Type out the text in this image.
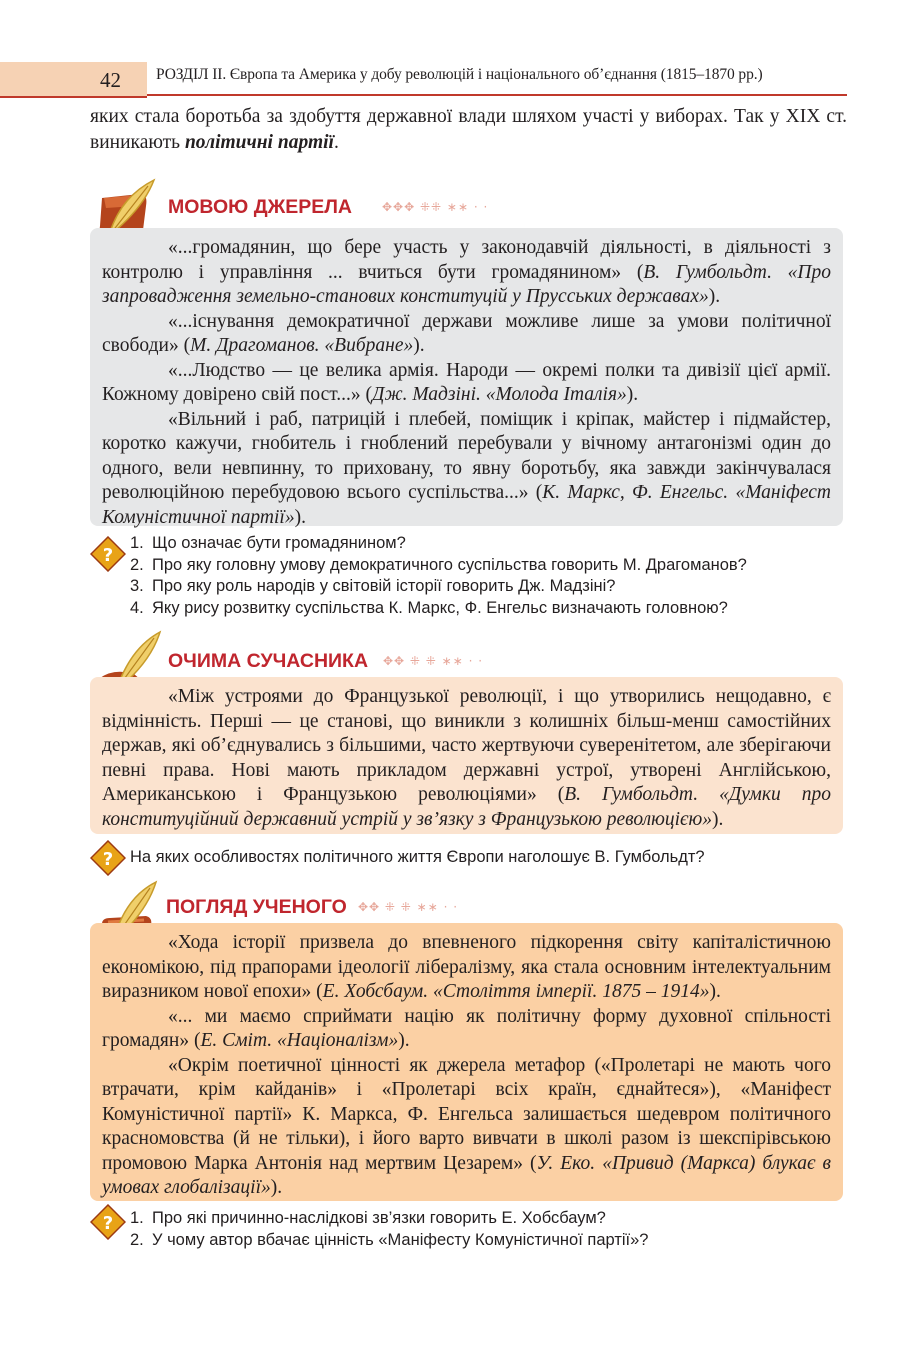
42 РОЗДІЛ ІІ. Європа та Америка у добу революцій і національного об’єднання (1815–1870 рр.)
яких стала боротьба за здобуття державної влади шляхом участі у виборах. Так у XIX ст. виникають політичні партії.
МОВОЮ ДЖЕРЕЛА ✥✥✥ ⁜⁜ ∗∗ · ·

«...громадянин, що бере участь у законодавчій діяльності, в діяльності з контролю і управління ... вчиться бути громадянином» (В. Гумбольдт. «Про запровадження земельно-станових конституцій у Прусських державах»).

«...існування демократичної держави можливе лише за умови політичної свободи» (М. Драгоманов. «Вибране»).

«...Людство — це велика армія. Народи — окремі полки та дивізії цієї армії. Кожному довірено свій пост...» (Дж. Мадзіні. «Молода Італія»).

«Вільний і раб, патрицій і плебей, поміщик і кріпак, майстер і підмайстер, коротко кажучи, гнобитель і гноблений перебували у вічному антагонізмі один до одного, вели невпинну, то приховану, то явну боротьбу, яка завжди закінчувалася революційною перебудовою всього суспільства...» (К. Маркс, Ф. Енгельс. «Маніфест Комуністичної партії»).

?
1. Що означає бути громадянином?
2. Про яку головну умову демократичного суспільства говорить М. Драгоманов?
3. Про яку роль народів у світовій історії говорить Дж. Мадзіні?
4. Яку рису розвитку суспільства К. Маркс, Ф. Енгельс визначають головною?
ОЧИМА СУЧАСНИКА ✥✥ ⁜ ⁜ ∗∗ · ·

«Між устроями до Французької революції, і що утворились нещодавно, є відмінність. Перші — це станові, що виникли з колишніх більш-менш самостійних держав, які об’єднувались з більшими, часто жертвуючи суверенітетом, але зберігаючи певні права. Нові мають прикладом державні устрої, утворені Англійською, Американською і Французькою революціями» (В. Гумбольдт. «Думки про конституційний державний устрій у зв’язку з Французькою революцією»).

? На яких особливостях політичного життя Європи наголошує В. Гумбольдт?
ПОГЛЯД УЧЕНОГО ✥✥ ⁜ ⁜ ∗∗ · ·

«Хода історії призвела до впевненого підкорення світу капіталістичною економікою, під прапорами ідеології лібералізму, яка стала основним інтелектуальним виразником нової епохи» (Е. Хобсбаум. «Століття імперії. 1875 – 1914»).

«... ми маємо сприймати націю як політичну форму духовної спільності громадян» (Е. Сміт. «Націоналізм»).

«Окрім поетичної цінності як джерела метафор («Пролетарі не мають чого втрачати, крім кайданів» і «Пролетарі всіх країн, єднайтеся»), «Маніфест Комуністичної партії» К. Маркса, Ф. Енгельса залишається шедевром політичного красномовства (й не тільки), і його варто вивчати в школі разом із шекспірівською промовою Марка Антонія над мертвим Цезарем» (У. Еко. «Привид (Маркса) блукає в умовах глобалізації»).

? 1. Про які причинно-наслідкові зв’язки говорить Е. Хобсбаум?
2. У чому автор вбачає цінність «Маніфесту Комуністичної партії»?
